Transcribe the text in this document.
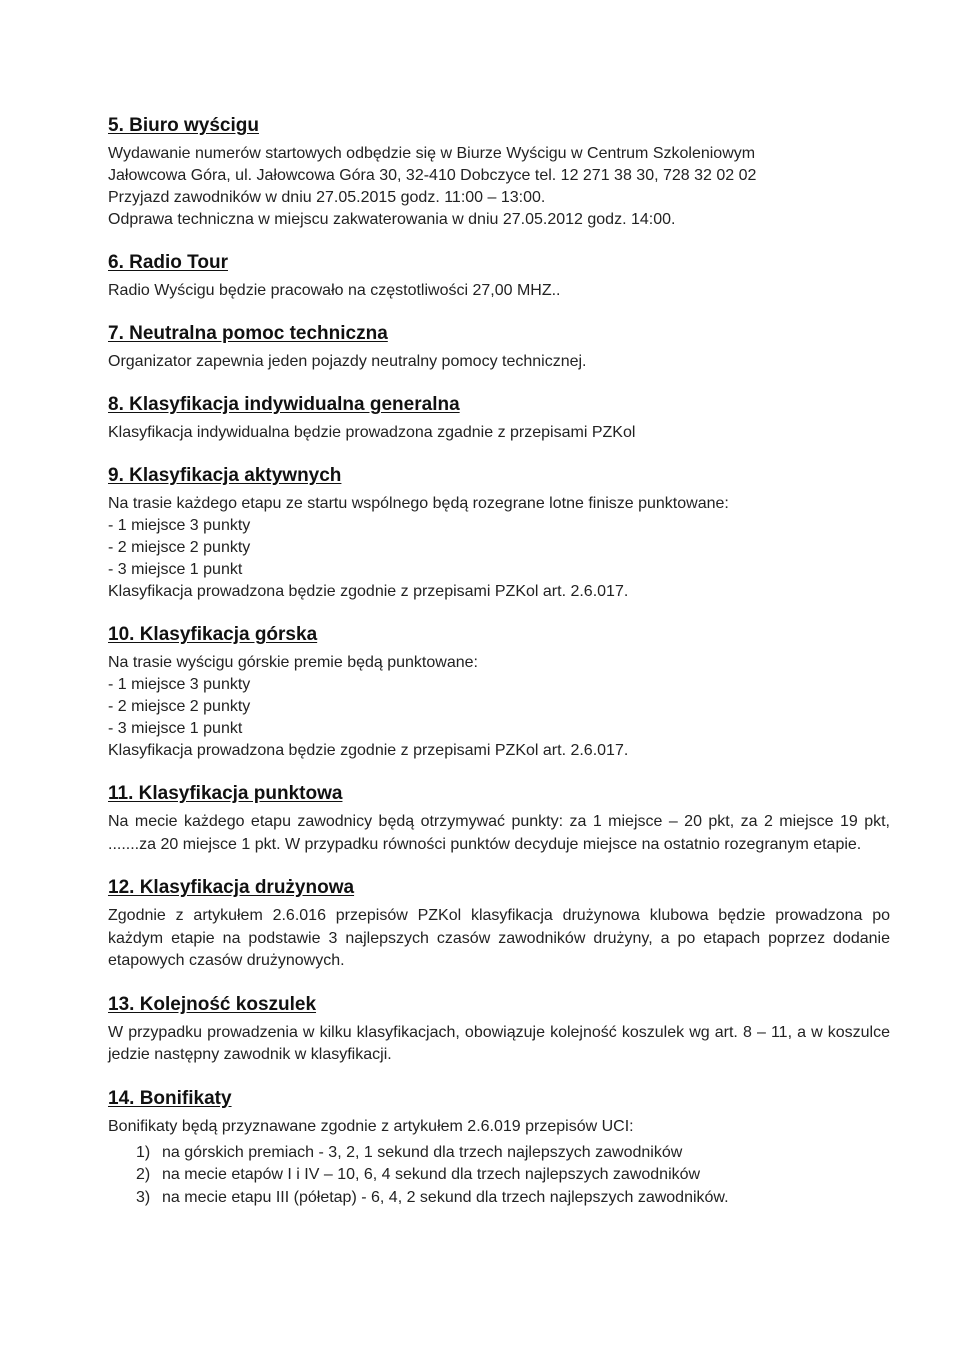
5. Biuro wyścigu
Wydawanie numerów startowych odbędzie się w Biurze Wyścigu w Centrum Szkoleniowym
Jałowcowa Góra, ul. Jałowcowa Góra 30, 32-410 Dobczyce tel. 12 271 38 30, 728 32 02 02
Przyjazd zawodników w dniu 27.05.2015 godz. 11:00 – 13:00.
Odprawa techniczna w miejscu zakwaterowania w dniu 27.05.2012 godz. 14:00.
6. Radio Tour
Radio Wyścigu będzie pracowało na częstotliwości 27,00 MHZ..
7. Neutralna pomoc techniczna
Organizator zapewnia jeden pojazdy neutralny pomocy technicznej.
8. Klasyfikacja indywidualna generalna
Klasyfikacja indywidualna będzie prowadzona zgadnie z przepisami PZKol
9. Klasyfikacja aktywnych
Na trasie każdego etapu ze startu wspólnego będą rozegrane lotne finisze punktowane:
- 1 miejsce 3 punkty
- 2 miejsce 2 punkty
- 3 miejsce 1 punkt
Klasyfikacja prowadzona będzie zgodnie z przepisami PZKol art. 2.6.017.
10. Klasyfikacja górska
Na trasie wyścigu górskie premie będą punktowane:
- 1 miejsce 3 punkty
- 2 miejsce 2 punkty
- 3 miejsce 1 punkt
Klasyfikacja prowadzona będzie zgodnie z przepisami PZKol art. 2.6.017.
11. Klasyfikacja punktowa
Na mecie każdego etapu zawodnicy będą otrzymywać punkty: za 1 miejsce – 20 pkt, za 2 miejsce 19 pkt, .......za 20 miejsce 1 pkt. W przypadku równości punktów decyduje miejsce na ostatnio rozegranym etapie.
12. Klasyfikacja drużynowa
Zgodnie z artykułem 2.6.016 przepisów PZKol klasyfikacja drużynowa klubowa będzie prowadzona po każdym etapie na podstawie 3 najlepszych czasów zawodników drużyny, a po etapach poprzez dodanie etapowych czasów drużynowych.
13. Kolejność koszulek
W przypadku prowadzenia w kilku klasyfikacjach, obowiązuje kolejność koszulek wg art. 8 – 11, a w koszulce jedzie następny zawodnik w klasyfikacji.
14. Bonifikaty
Bonifikaty będą przyznawane zgodnie z artykułem 2.6.019 przepisów UCI:
1) na górskich premiach - 3, 2, 1 sekund dla trzech najlepszych zawodników
2) na mecie etapów I i IV – 10, 6, 4 sekund dla trzech najlepszych zawodników
3) na mecie etapu III (półetap) - 6, 4, 2 sekund dla trzech najlepszych zawodników.
